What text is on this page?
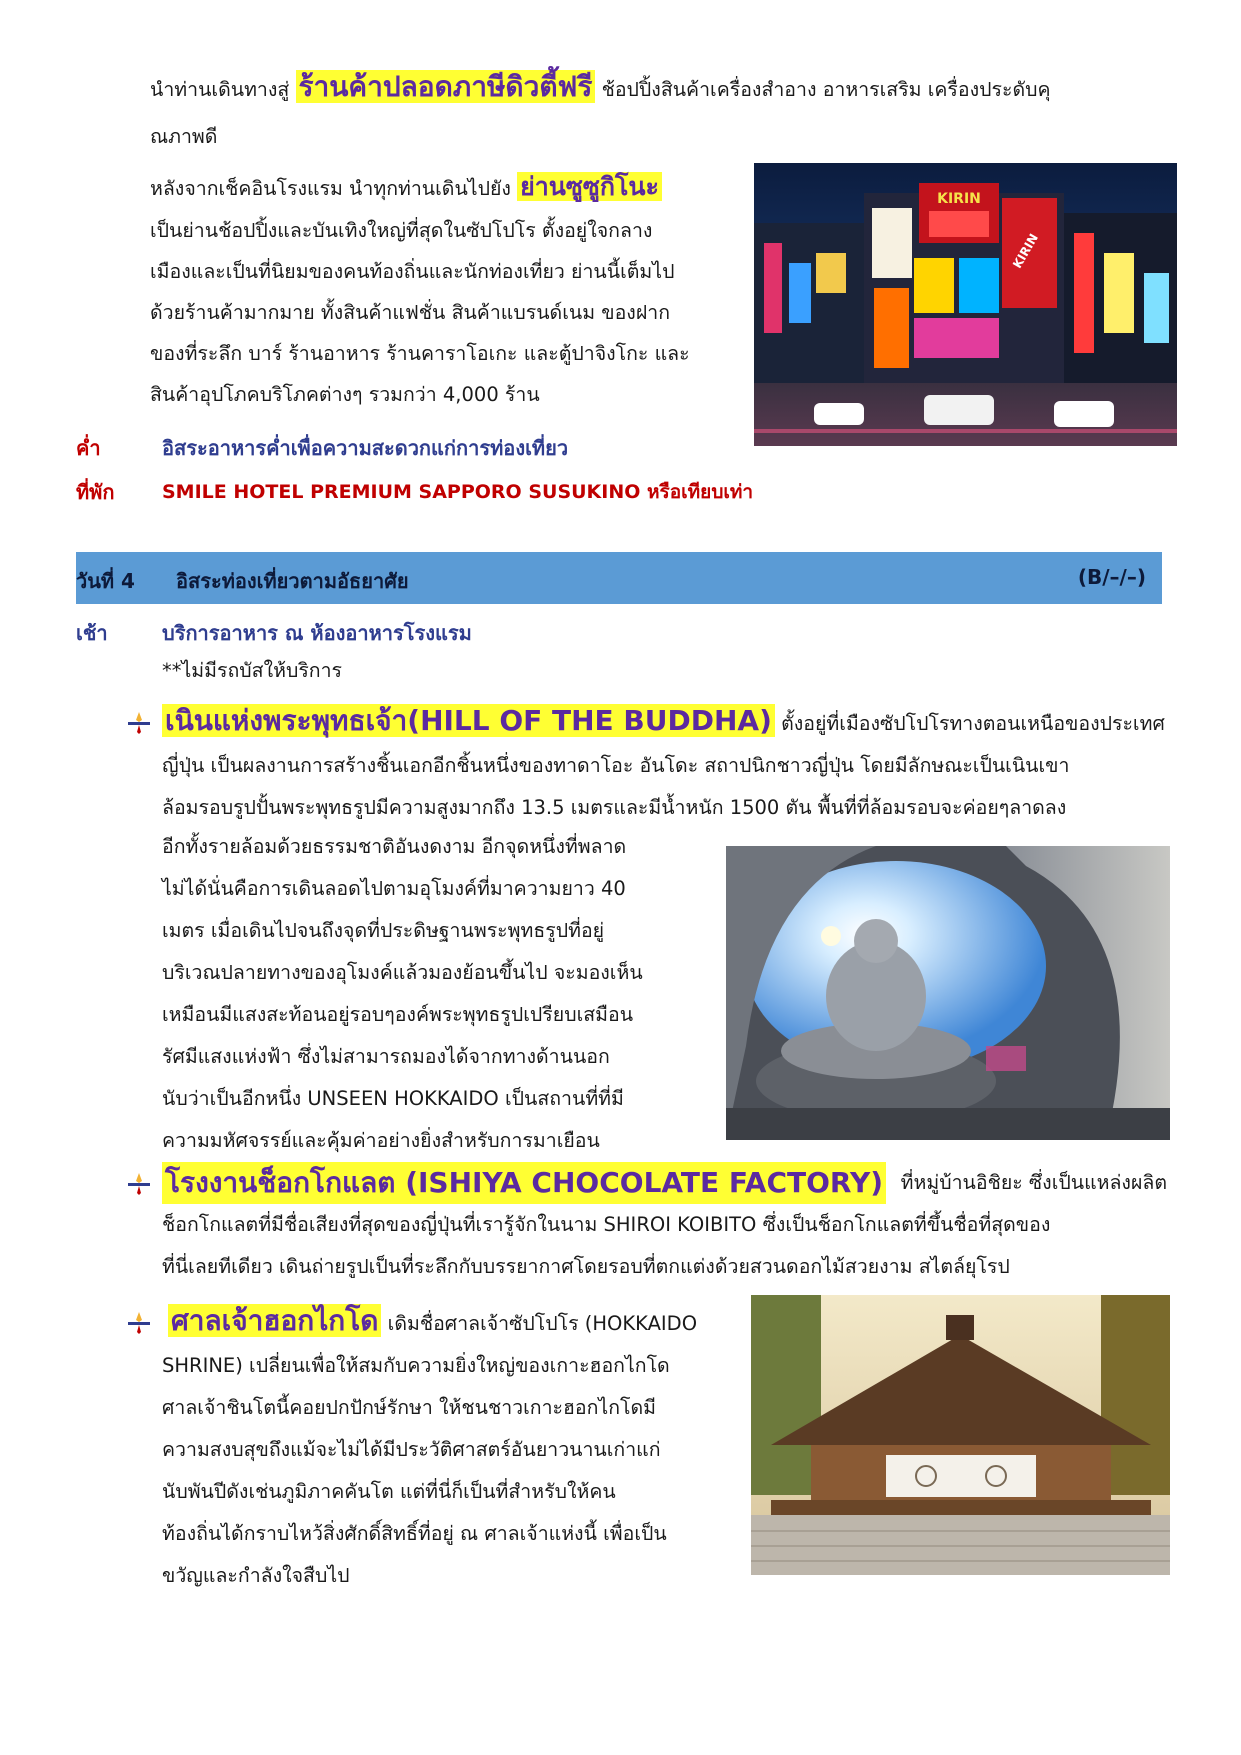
นำท่านเดินทางสู่ ร้านค้าปลอดภาษีดิวตี้ฟรี ช้อปปิ้งสินค้าเครื่องสำอาง อาหารเสริม เครื่องประดับคุ
ณภาพดี
หลังจากเช็คอินโรงแรม นำทุกท่านเดินไปยัง ย่านซูซูกิโนะ
เป็นย่านช้อปปิ้งและบันเทิงใหญ่ที่สุดในซัปโปโร ตั้งอยู่ใจกลาง
เมืองและเป็นที่นิยมของคนท้องถิ่นและนักท่องเที่ยว ย่านนี้เต็มไป
ด้วยร้านค้ามากมาย ทั้งสินค้าแฟชั่น สินค้าแบรนด์เนม ของฝาก
ของที่ระลึก บาร์ ร้านอาหาร ร้านคาราโอเกะ และตู้ปาจิงโกะ และ
สินค้าอุปโภคบริโภคต่างๆ รวมกว่า 4,000 ร้าน
KIRIN
KIRIN
ค่ำ	อิสระอาหารค่ำเพื่อความสะดวกแก่การท่องเที่ยว
ที่พัก	SMILE HOTEL PREMIUM SAPPORO SUSUKINO หรือเทียบเท่า
วันที่ 4 อิสระท่องเที่ยวตามอัธยาศัย	(B/–/–)
เช้า	บริการอาหาร ณ ห้องอาหารโรงแรม
**ไม่มีรถบัสให้บริการ
เนินแห่งพระพุทธเจ้า(HILL OF THE BUDDHA) ตั้งอยู่ที่เมืองซัปโปโรทางตอนเหนือของประเทศ
ญี่ปุ่น เป็นผลงานการสร้างชิ้นเอกอีกชิ้นหนึ่งของทาดาโอะ อันโดะ สถาปนิกชาวญี่ปุ่น โดยมีลักษณะเป็นเนินเขา
ล้อมรอบรูปปั้นพระพุทธรูปมีความสูงมากถึง 13.5 เมตรและมีน้ำหนัก 1500 ตัน พื้นที่ที่ล้อมรอบจะค่อยๆลาดลง
อีกทั้งรายล้อมด้วยธรรมชาติอันงดงาม อีกจุดหนึ่งที่พลาด
ไม่ได้นั่นคือการเดินลอดไปตามอุโมงค์ที่มาความยาว 40
เมตร เมื่อเดินไปจนถึงจุดที่ประดิษฐานพระพุทธรูปที่อยู่
บริเวณปลายทางของอุโมงค์แล้วมองย้อนขึ้นไป จะมองเห็น
เหมือนมีแสงสะท้อนอยู่รอบๆองค์พระพุทธรูปเปรียบเสมือน
รัศมีแสงแห่งฟ้า ซึ่งไม่สามารถมองได้จากทางด้านนอก
นับว่าเป็นอีกหนึ่ง UNSEEN HOKKAIDO เป็นสถานที่ที่มี
ความมหัศจรรย์และคุ้มค่าอย่างยิ่งสำหรับการมาเยือน
โรงงานช็อกโกแลต (ISHIYA CHOCOLATE FACTORY) ที่หมู่บ้านอิชิยะ ซึ่งเป็นแหล่งผลิต
ช็อกโกแลตที่มีชื่อเสียงที่สุดของญี่ปุ่นที่เรารู้จักในนาม SHIROI KOIBITO ซึ่งเป็นช็อกโกแลตที่ขึ้นชื่อที่สุดของ
ที่นี่เลยทีเดียว เดินถ่ายรูปเป็นที่ระลึกกับบรรยากาศโดยรอบที่ตกแต่งด้วยสวนดอกไม้สวยงาม สไตล์ยุโรป
ศาลเจ้าฮอกไกโด เดิมชื่อศาลเจ้าซัปโปโร (HOKKAIDO
SHRINE) เปลี่ยนเพื่อให้สมกับความยิ่งใหญ่ของเกาะฮอกไกโด
ศาลเจ้าชินโตนี้คอยปกปักษ์รักษา ให้ชนชาวเกาะฮอกไกโดมี
ความสงบสุขถึงแม้จะไม่ได้มีประวัติศาสตร์อันยาวนานเก่าแก่
นับพันปีดังเช่นภูมิภาคคันโต แต่ที่นี่ก็เป็นที่สำหรับให้คน
ท้องถิ่นได้กราบไหว้สิ่งศักดิ์สิทธิ์ที่อยู่ ณ ศาลเจ้าแห่งนี้ เพื่อเป็น
ขวัญและกำลังใจสืบไป
